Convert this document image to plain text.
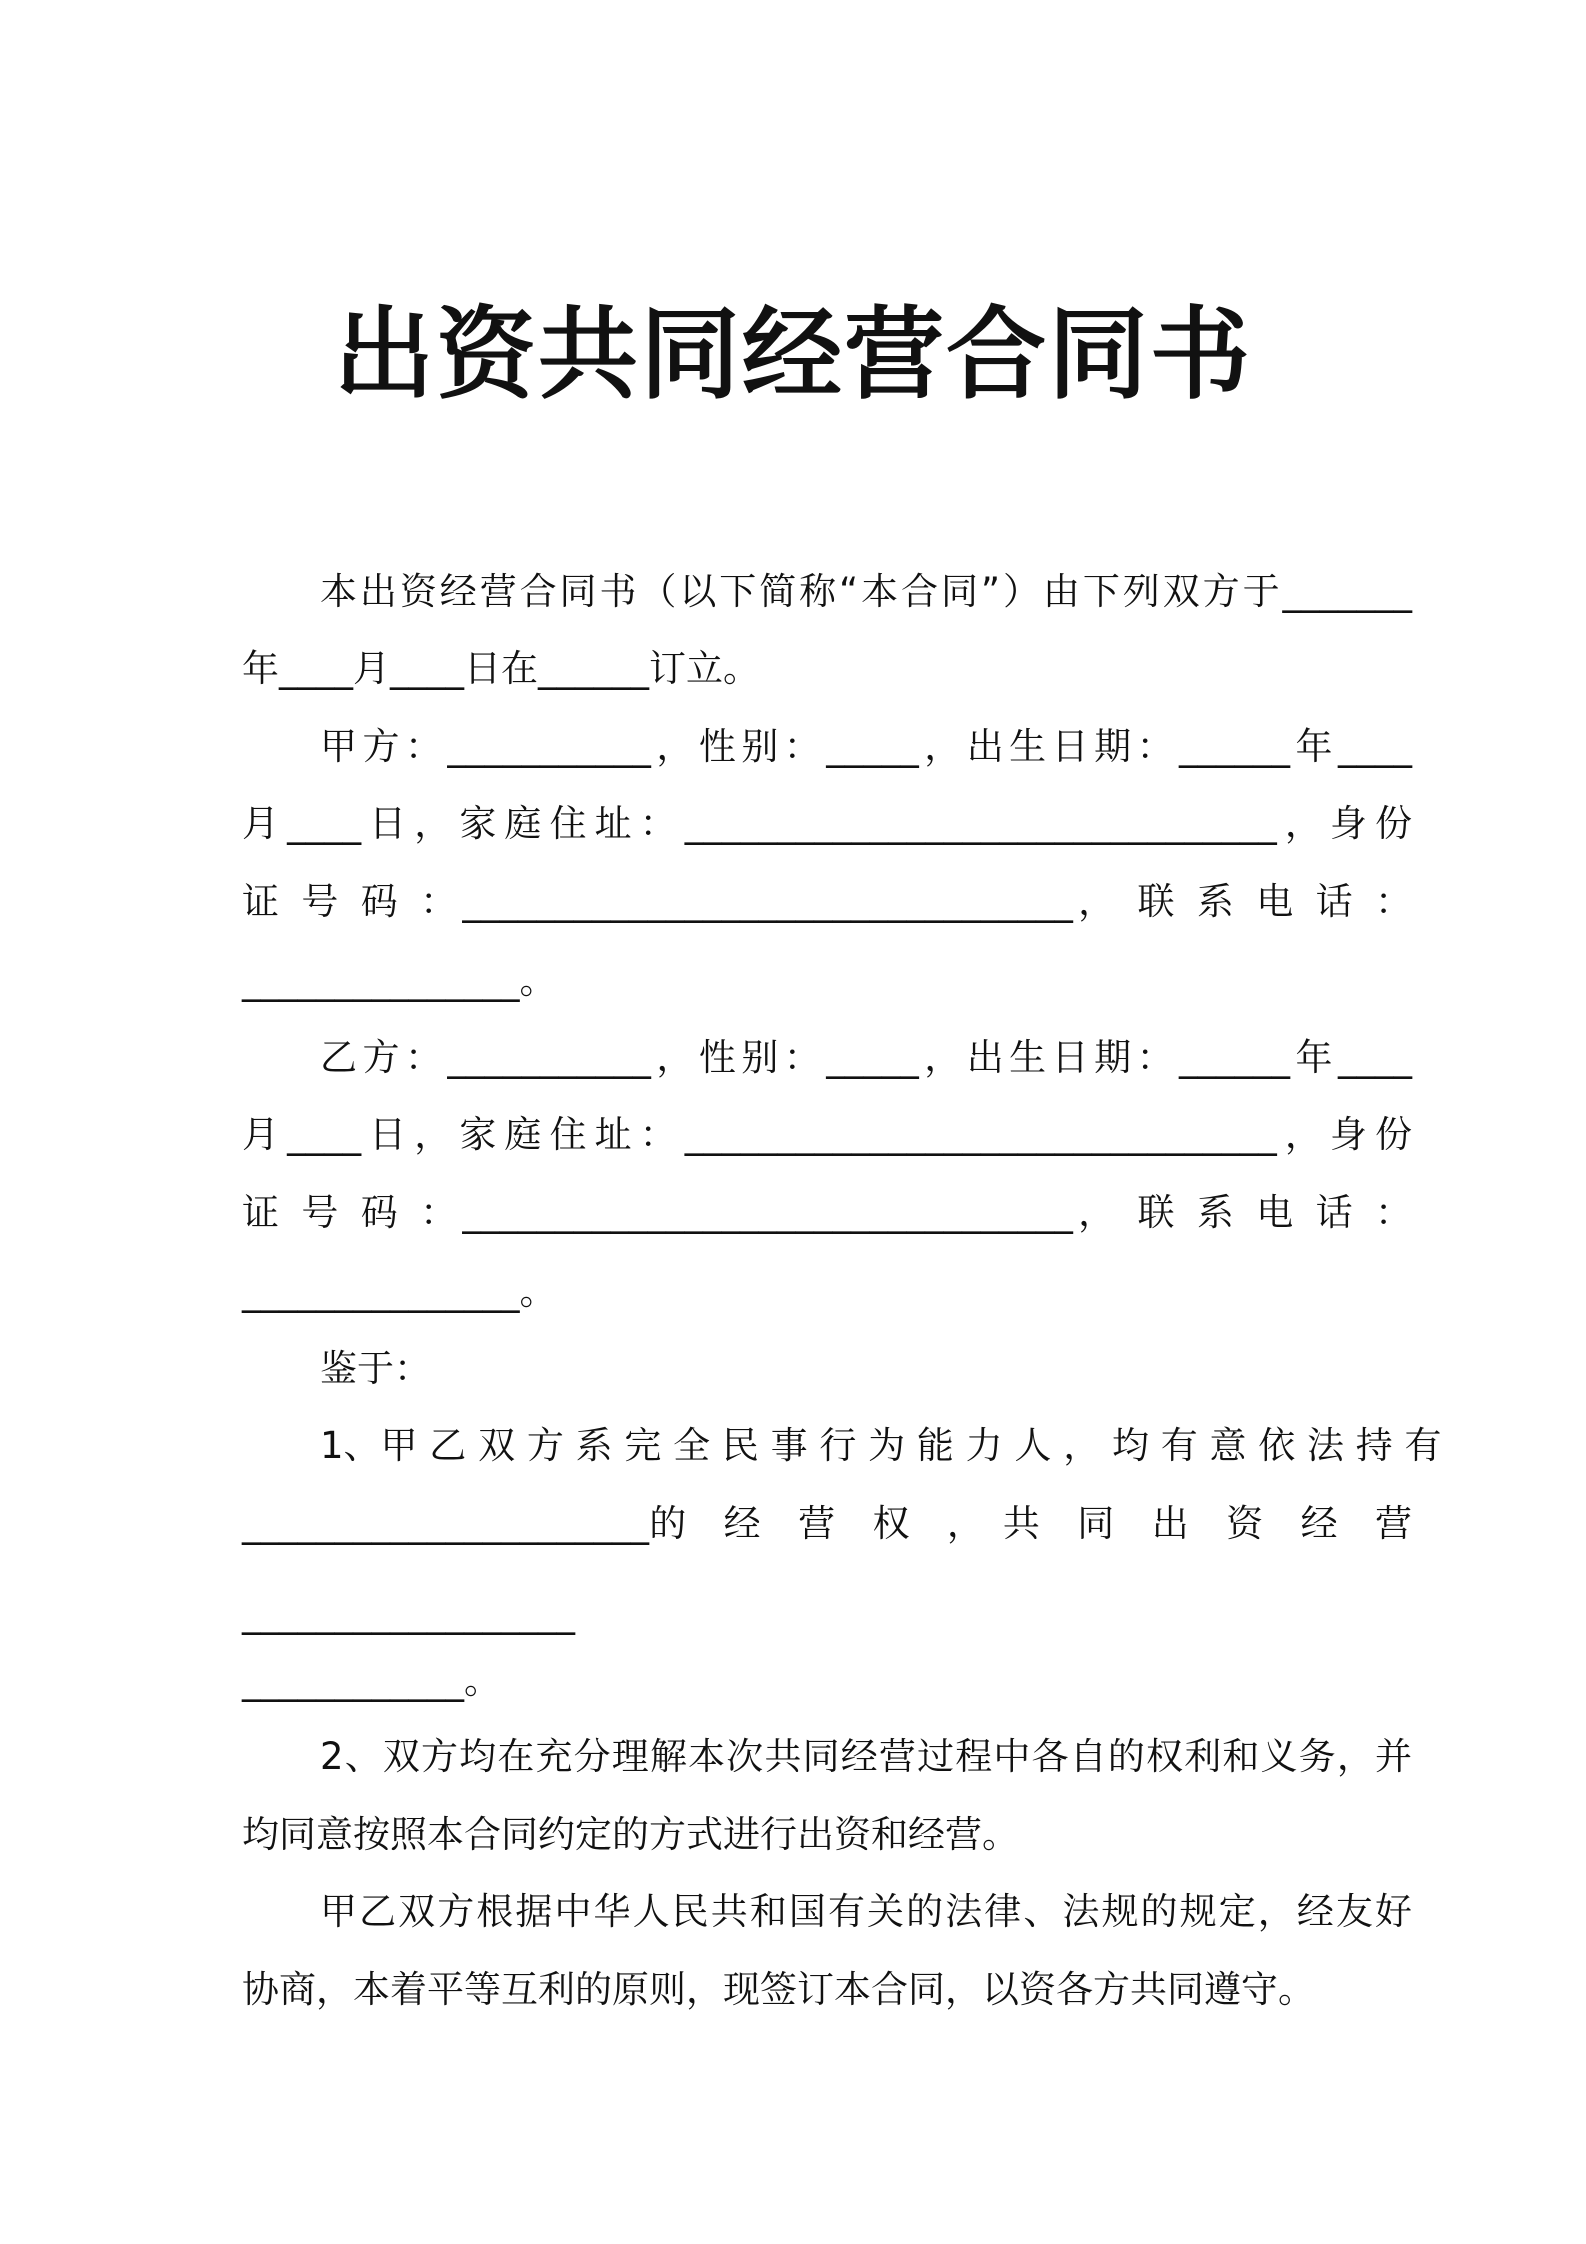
出资共同经营合同书
本出资经营合同书（以下简称“本合同”）由下列双方于_______
年____月____日在______订立。
甲方：___________，性别：_____，出生日期：______年____
月____日，家庭住址：________________________________，身份
证 号 码 ：_________________________________， 联 系 电 话 ：
_______________。
乙方：___________，性别：_____，出生日期：______年____
月____日，家庭住址：________________________________，身份
证 号 码 ：_________________________________， 联 系 电 话 ：
_______________。
鉴于：
1、甲 乙 双 方 系 完 全 民 事 行 为 能 力 人 ， 均 有 意 依 法 持 有
______________________的　经　营　权　，　共　同　出　资　经　营
__________________
____________。
2、双方均在充分理解本次共同经营过程中各自的权利和义务，并
均同意按照本合同约定的方式进行出资和经营。
甲乙双方根据中华人民共和国有关的法律、法规的规定，经友好
协商，本着平等互利的原则，现签订本合同，以资各方共同遵守。
